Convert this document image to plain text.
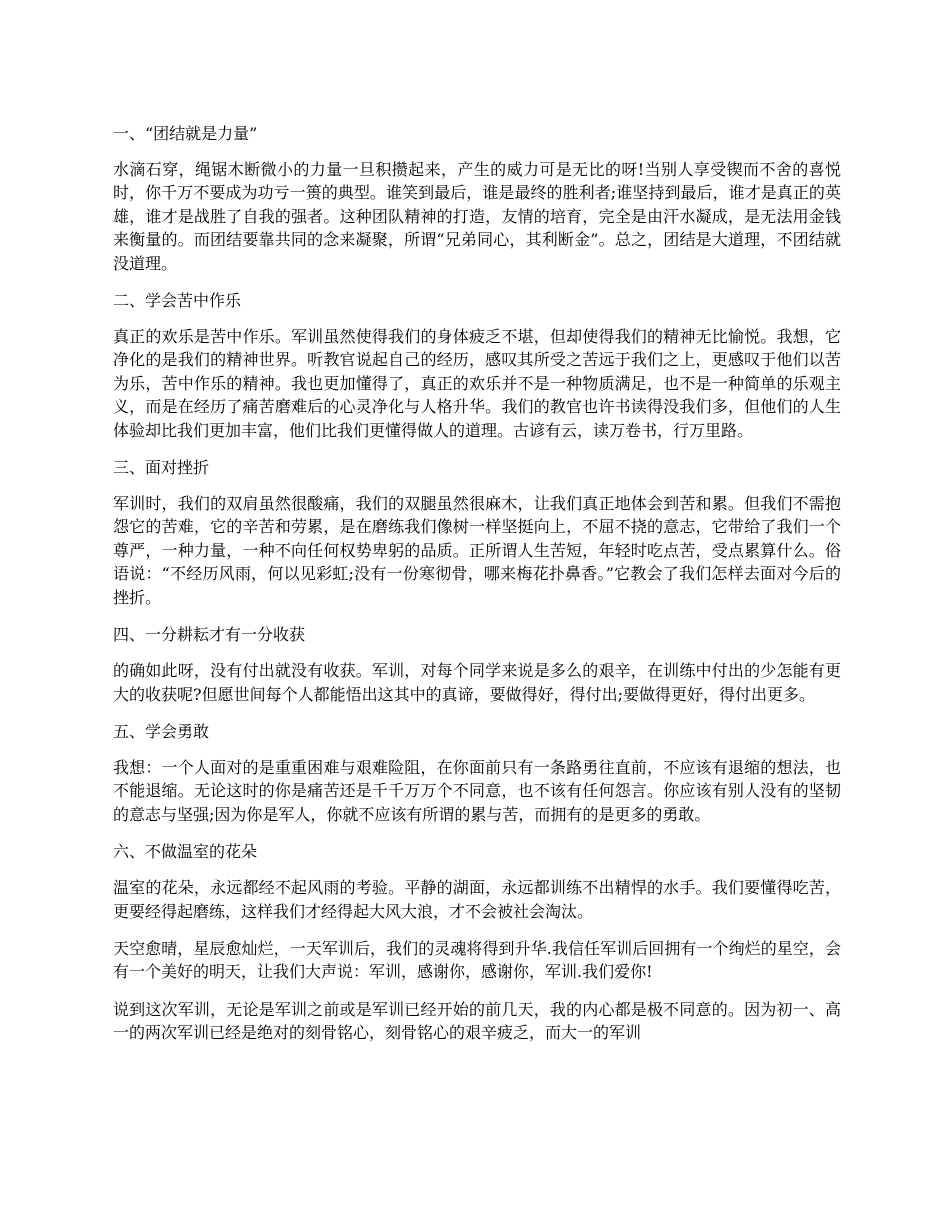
一、“团结就是力量”

水滴石穿，绳锯木断微小的力量一旦积攒起来，产生的威力可是无比的呀!当别人享受锲而不舍的喜悦时，你千万不要成为功亏一篑的典型。谁笑到最后，谁是最终的胜利者;谁坚持到最后，谁才是真正的英雄，谁才是战胜了自我的强者。这种团队精神的打造，友情的培育，完全是由汗水凝成，是无法用金钱来衡量的。而团结要靠共同的念来凝聚，所谓“兄弟同心，其利断金”。总之，团结是大道理，不团结就没道理。

二、学会苦中作乐

真正的欢乐是苦中作乐。军训虽然使得我们的身体疲乏不堪，但却使得我们的精神无比愉悦。我想，它净化的是我们的精神世界。听教官说起自己的经历，感叹其所受之苦远于我们之上，更感叹于他们以苦为乐，苦中作乐的精神。我也更加懂得了，真正的欢乐并不是一种物质满足，也不是一种简单的乐观主义，而是在经历了痛苦磨难后的心灵净化与人格升华。我们的教官也许书读得没我们多，但他们的人生体验却比我们更加丰富，他们比我们更懂得做人的道理。古谚有云，读万卷书，行万里路。

三、面对挫折

军训时，我们的双肩虽然很酸痛，我们的双腿虽然很麻木，让我们真正地体会到苦和累。但我们不需抱怨它的苦难，它的辛苦和劳累，是在磨练我们像树一样坚挺向上，不屈不挠的意志，它带给了我们一个尊严，一种力量，一种不向任何权势卑躬的品质。正所谓人生苦短，年轻时吃点苦，受点累算什么。俗语说：“不经历风雨，何以见彩虹;没有一份寒彻骨，哪来梅花扑鼻香。”它教会了我们怎样去面对今后的挫折。

四、一分耕耘才有一分收获

的确如此呀，没有付出就没有收获。军训，对每个同学来说是多么的艰辛，在训练中付出的少怎能有更大的收获呢?但愿世间每个人都能悟出这其中的真谛，要做得好，得付出;要做得更好，得付出更多。

五、学会勇敢

我想：一个人面对的是重重困难与艰难险阻，在你面前只有一条路勇往直前，不应该有退缩的想法，也不能退缩。无论这时的你是痛苦还是千千万万个不同意，也不该有任何怨言。你应该有别人没有的坚韧的意志与坚强;因为你是军人，你就不应该有所谓的累与苦，而拥有的是更多的勇敢。

六、不做温室的花朵

温室的花朵，永远都经不起风雨的考验。平静的湖面，永远都训练不出精悍的水手。我们要懂得吃苦，更要经得起磨练，这样我们才经得起大风大浪，才不会被社会淘汰。

天空愈晴，星辰愈灿烂，一天军训后，我们的灵魂将得到升华.我信任军训后回拥有一个绚烂的星空，会有一个美好的明天，让我们大声说：军训，感谢你，感谢你，军训.我们爱你!

说到这次军训，无论是军训之前或是军训已经开始的前几天，我的内心都是极不同意的。因为初一、高一的两次军训已经是绝对的刻骨铭心，刻骨铭心的艰辛疲乏，而大一的军训
